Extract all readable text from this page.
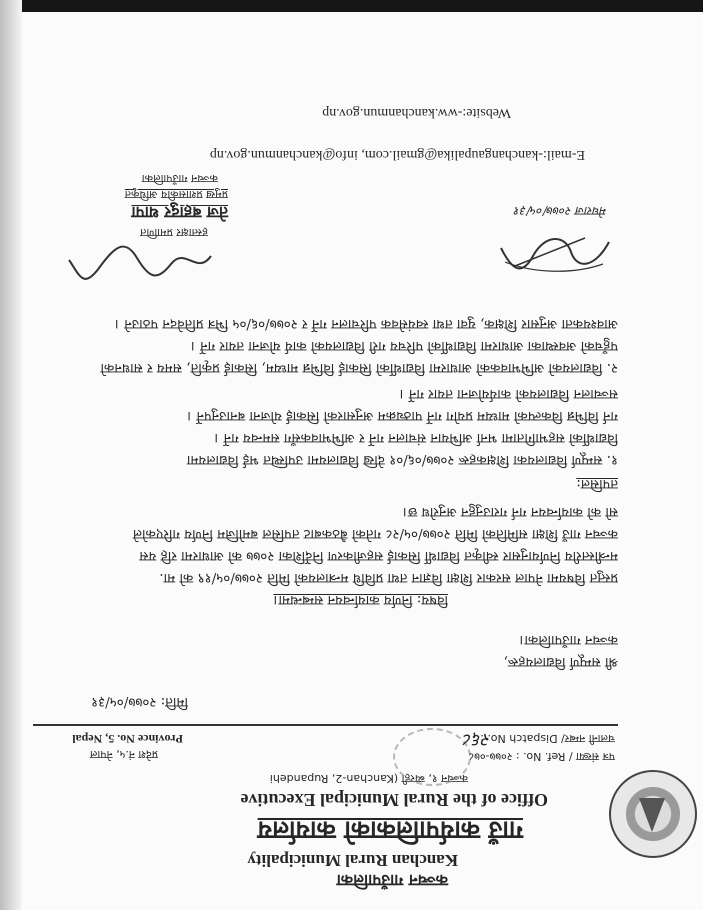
कञ्चन गाउँपालिका
Kanchan Rural Municipality
गाउँ कार्यपालिकाको कार्यालय
Office of the Rural Municipal Executive
कञ्चन १, ब्यरही (Kanchan-2, Rupandehi
पत्र संख्या / Ref. No. : २०७७-०७८
चलानी नम्बर/ Dispatch No. :
२६८
प्रदेश नं.५, नेपाल
Province No. 5, Nepal
मिति: २०७७/०५/३१
श्री सम्पूर्ण विद्यालयहरू,
कञ्चन गाउँपालिका।
विषय: निर्णय कार्यान्वयन सम्बन्धमा।
प्रस्तुत विषयमा नेपाल सरकार शिक्षा विज्ञान तथा प्रविधि मन्त्रालयको मिति २०७७/०५/१९ को मा.
मन्त्रीस्तरीय निर्णयानुसार स्वीकृत विद्यार्थी सिकाई सहजीकरण निर्देशिका २०७७ को आधारमा रहि यस
कञ्चन गाउँ शिक्षा समितिको मिति २०७७/०५/२८ गतेको बैठकबाट तपसिल बमोजिम निर्णय गरिएकोले
सो को कार्यान्वयन गर्न गराउनुहुन अनुरोध छ।
तपसिल:
१. सम्पूर्ण विद्यालयका शिक्षकहरू २०७७/०६/०१ देखि विद्यालयमा उपस्थित भई विद्यालयमा
विद्यार्थीको सहभागितामा भर्ना अभियान संचालन गर्ने र अभिभावकसँग समन्वय गर्ने ।
गर्न विभिन्न विकल्पको माध्यम प्रयोग गर्ने पाठ्यक्रम अनुसारको सिकाई योजना बनाउनुपर्ने ।
सञ्चालन विद्यालयको कार्ययोजना तयार गर्ने ।
२. विद्यालयको अभिभावकको आधारमा विद्यार्थीको सिकाई विभिन्न माध्यम, सिकाई प्रकृति, समय र साधनको
पहुँचको अवस्थाका आधारमा विद्यार्थीको परिचय गरी विद्यालयको कार्य योजना तयार गर्ने ।
आवश्यकता अनुसार शिक्षक, युवा तथा स्वयंसेवक परिचालन गर्ने र २०७७/०६/०५ भित्र प्रतिवेदन पठाउने ।
मेघराज २०७७/०५/३१
हस्ताक्षर प्रमाणित
तेज बहादुर थापा
प्रमुख प्रशासकीय अधिकृत
कञ्चन गाउँपालिका
E-mail:-kanchangaupalika@gmail.com, info@kanchanmun.gov.np
Website:-ww.kanchanmun.gov.np
